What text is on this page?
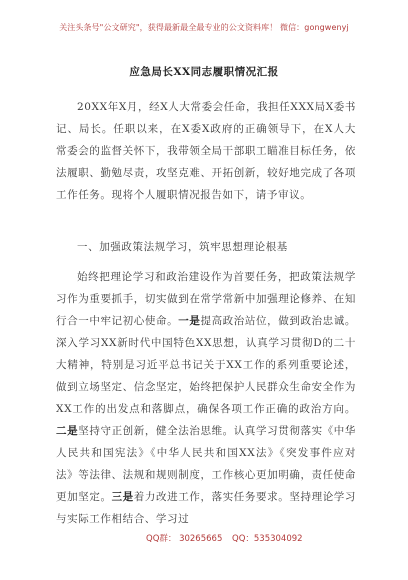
关注头条号"公文研究"，获得最新最全最专业的公文资料库！ 微信：gongwenyj
应急局长XX同志履职情况汇报
20XX年X月，经X人大常委会任命，我担任XXX局X委书记、局长。任职以来，在X委X政府的正确领导下，在X人大常委会的监督关怀下，我带领全局干部职工瞄准目标任务，依法履职、勤勉尽责，攻坚克难、开拓创新，较好地完成了各项工作任务。现将个人履职情况报告如下，请予审议。
一、加强政策法规学习，筑牢思想理论根基
始终把理论学习和政治建设作为首要任务，把政策法规学习作为重要抓手，切实做到在常学常新中加强理论修养、在知行合一中牢记初心使命。一是提高政治站位，做到政治忠诚。深入学习XX新时代中国特色XX思想，认真学习贯彻D的二十大精神，特别是习近平总书记关于XX工作的系列重要论述，做到立场坚定、信念坚定，始终把保护人民群众生命安全作为XX工作的出发点和落脚点，确保各项工作正确的政治方向。二是坚持守正创新，健全法治思维。认真学习贯彻落实《中华人民共和国宪法》《中华人民共和国XX法》《突发事件应对法》等法律、法规和规则制度，工作核心更加明确，责任使命更加坚定。三是着力改进工作，落实任务要求。坚持理论学习与实际工作相结合、学习过
QQ群： 30265665 QQ：535304092
